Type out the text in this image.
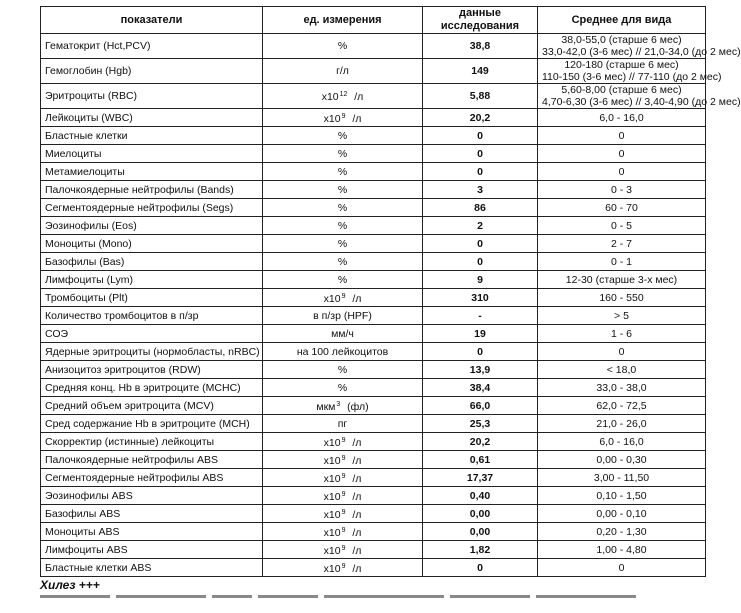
показатели	ед. измерения	данные исследования	Среднее для вида
Гематокрит (Hct,PCV)	%	38,8	38,0-55,0 (старше 6 мес)
33,0-42,0 (3-6 мес) // 21,0-34,0 (до 2 мес)

Гемоглобин (Hgb)	г/л	149	120-180 (старше 6 мес)
110-150 (3-6 мес) // 77-110 (до 2 мес)

Эритроциты (RBC)	$x10^{12}$ /л	5,88	5,60-8,00 (старше 6 мес)
4,70-6,30 (3-6 мес) // 3,40-4,90 (до 2 мес)

Лейкоциты (WBC)	$x10^9$ /л	20,2	6,0 - 16,0

Бластные клетки	%	0	0

Миелоциты	%	0	0

Метамиелоциты	%	0	0

Палочкоядерные нейтрофилы (Bands)	%	3	0 - 3

Сегментоядерные нейтрофилы (Segs)	%	86	60 - 70

Эозинофилы (Eos)	%	2	0 - 5

Моноциты (Mono)	%	0	2 - 7

Базофилы (Bas)	%	0	0 - 1

Лимфоциты (Lym)	%	9	12-30 (старше 3-х мес)

Тромбоциты (Plt)	$x10^9$ /л	310	160 - 550

Количество тромбоцитов в п/зр	в п/зр (HPF)	-	> 5

СОЭ	мм/ч	19	1 - 6

Ядерные эритроциты (нормобласты, nRBC)	на 100 лейкоцитов	0	0

Анизоцитоз эритроцитов (RDW)	%	13,9	< 18,0

Средняя конц. Hb в эритроците (MCHC)	%	38,4	33,0 - 38,0

Средний объем эритроцита (MCV)	мкм$^3$ (фл)	66,0	62,0 - 72,5

Сред содержание Hb в эритроците (MCH)	пг	25,3	21,0 - 26,0

Скорректир (истинные) лейкоциты	$x10^9$ /л	20,2	6,0 - 16,0

Палочкоядерные нейтрофилы ABS	$x10^9$ /л	0,61	0,00 - 0,30

Сегментоядерные нейтрофилы ABS	$x10^9$ /л	17,37	3,00 - 11,50

Эозинофилы ABS	$x10^9$ /л	0,40	0,10 - 1,50

Базофилы ABS	$x10^9$ /л	0,00	0,00 - 0,10

Моноциты ABS	$x10^9$ /л	0,00	0,20 - 1,30

Лимфоциты ABS	$x10^9$ /л	1,82	1,00 - 4,80

Бластные клетки ABS	$x10^9$ /л	0	0
Хилез +++
